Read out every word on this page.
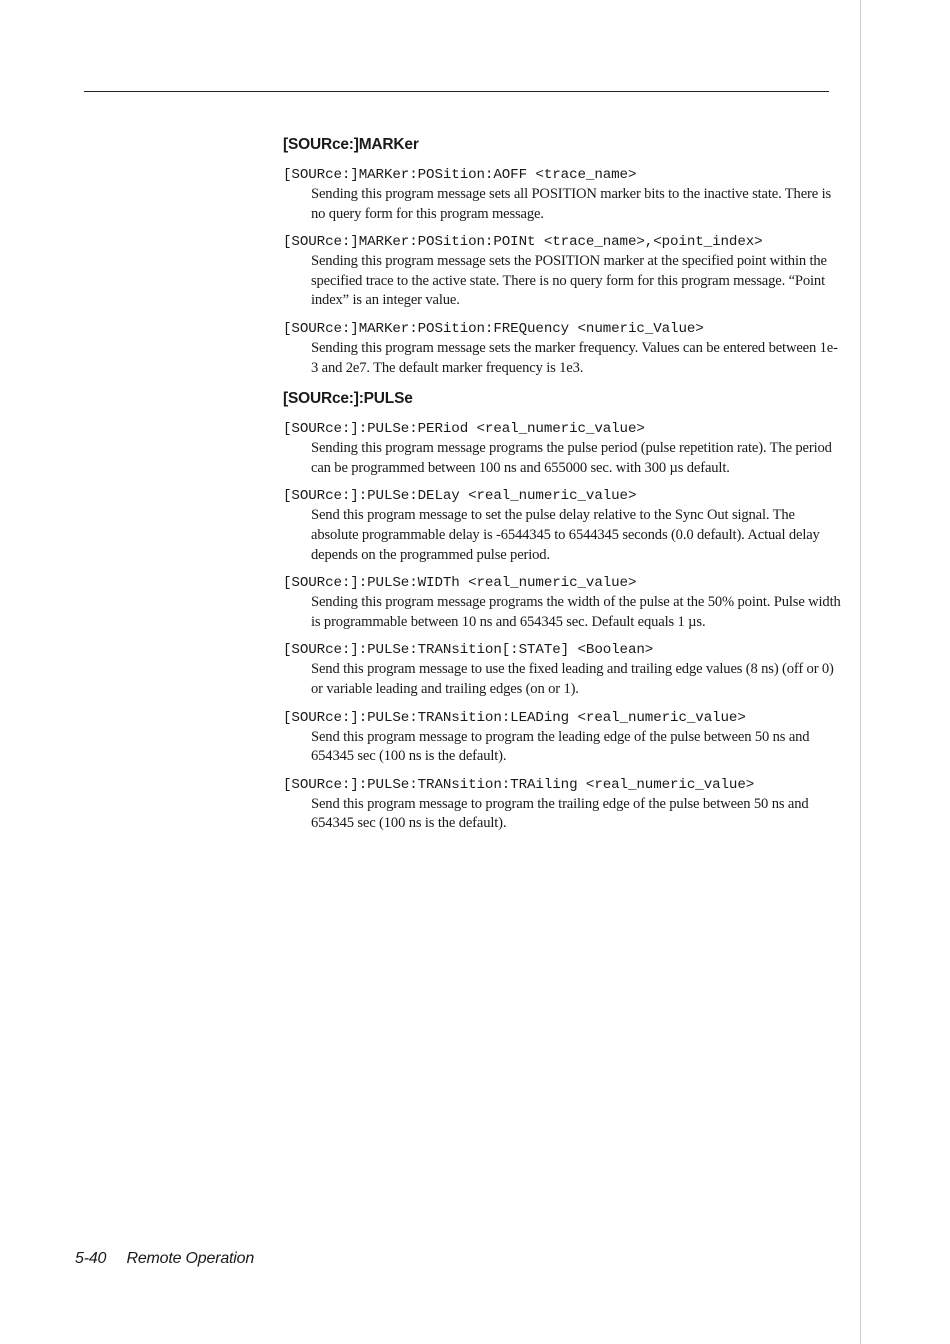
[SOURce:]MARKer
[SOURce:]MARKer:POSition:AOFF <trace_name>
Sending this program message sets all POSITION marker bits to the inactive state. There is no query form for this program message.
[SOURce:]MARKer:POSition:POINt <trace_name>,<point_index>
Sending this program message sets the POSITION marker at the specified point within the specified trace to the active state. There is no query form for this program message. “Point index” is an integer value.
[SOURce:]MARKer:POSition:FREQuency <numeric_Value>
Sending this program message sets the marker frequency. Values can be entered between 1e-3 and 2e7. The default marker frequency is 1e3.
[SOURce:]:PULSe
[SOURce:]:PULSe:PERiod <real_numeric_value>
Sending this program message programs the pulse period (pulse repetition rate). The period can be programmed between 100 ns and 655000 sec. with 300 µs default.
[SOURce:]:PULSe:DELay <real_numeric_value>
Send this program message to set the pulse delay relative to the Sync Out signal. The absolute programmable delay is -6544345 to 6544345 seconds (0.0 default). Actual delay depends on the programmed pulse period.
[SOURce:]:PULSe:WIDTh <real_numeric_value>
Sending this program message programs the width of the pulse at the 50% point. Pulse width is programmable between 10 ns and 654345 sec. Default equals 1 µs.
[SOURce:]:PULSe:TRANsition[:STATe] <Boolean>
Send this program message to use the fixed leading and trailing edge values (8 ns) (off or 0) or variable leading and trailing edges (on or 1).
[SOURce:]:PULSe:TRANsition:LEADing <real_numeric_value>
Send this program message to program the leading edge of the pulse between 50 ns and 654345 sec (100 ns is the default).
[SOURce:]:PULSe:TRANsition:TRAiling <real_numeric_value>
Send this program message to program the trailing edge of the pulse between 50 ns and 654345 sec (100 ns is the default).
5-40 Remote Operation
